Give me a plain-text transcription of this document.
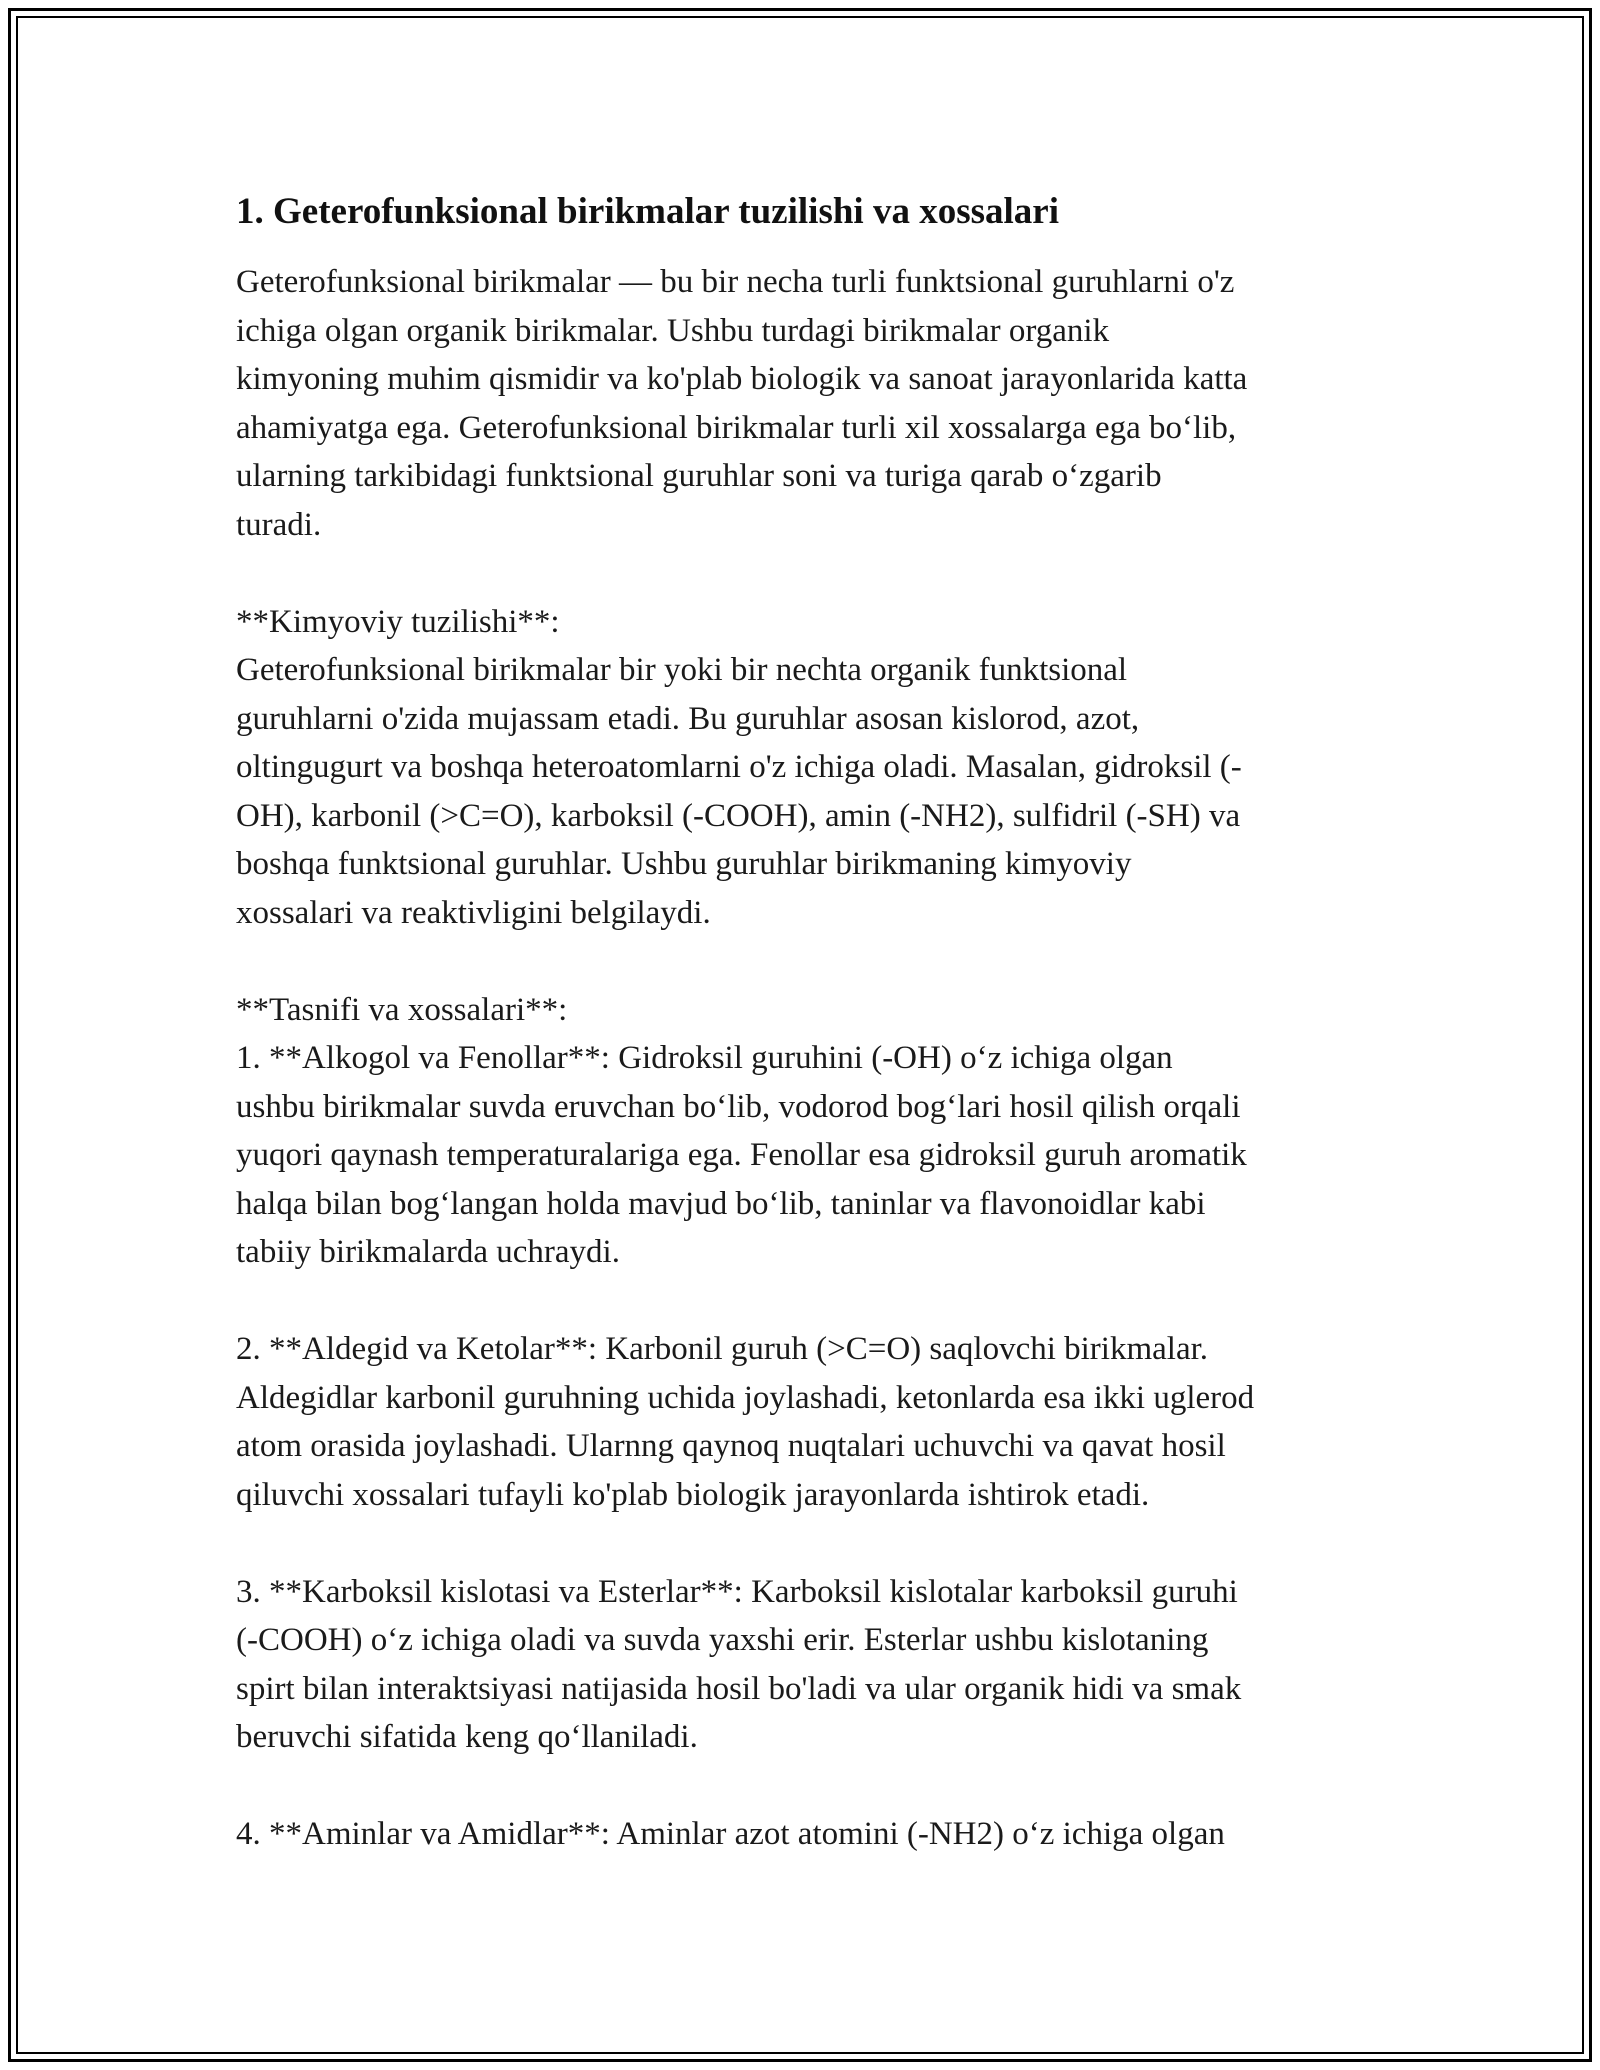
1. Geterofunksional birikmalar tuzilishi va xossalari
Geterofunksional birikmalar — bu bir necha turli funktsional guruhlarni o'z
ichiga olgan organik birikmalar. Ushbu turdagi birikmalar organik
kimyoning muhim qismidir va ko'plab biologik va sanoat jarayonlarida katta
ahamiyatga ega. Geterofunksional birikmalar turli xil xossalarga ega bo‘lib,
ularning tarkibidagi funktsional guruhlar soni va turiga qarab o‘zgarib
turadi.
**Kimyoviy tuzilishi**:
Geterofunksional birikmalar bir yoki bir nechta organik funktsional
guruhlarni o'zida mujassam etadi. Bu guruhlar asosan kislorod, azot,
oltingugurt va boshqa heteroatomlarni o'z ichiga oladi. Masalan, gidroksil (-
OH), karbonil (>C=O), karboksil (-COOH), amin (-NH2), sulfidril (-SH) va
boshqa funktsional guruhlar. Ushbu guruhlar birikmaning kimyoviy
xossalari va reaktivligini belgilaydi.
**Tasnifi va xossalari**:
1. **Alkogol va Fenollar**: Gidroksil guruhini (-OH) o‘z ichiga olgan
ushbu birikmalar suvda eruvchan bo‘lib, vodorod bog‘lari hosil qilish orqali
yuqori qaynash temperaturalariga ega. Fenollar esa gidroksil guruh aromatik
halqa bilan bog‘langan holda mavjud bo‘lib, taninlar va flavonoidlar kabi
tabiiy birikmalarda uchraydi.
2. **Aldegid va Ketolar**: Karbonil guruh (>C=O) saqlovchi birikmalar.
Aldegidlar karbonil guruhning uchida joylashadi, ketonlarda esa ikki uglerod
atom orasida joylashadi. Ularnng qaynoq nuqtalari uchuvchi va qavat hosil
qiluvchi xossalari tufayli ko'plab biologik jarayonlarda ishtirok etadi.
3. **Karboksil kislotasi va Esterlar**: Karboksil kislotalar karboksil guruhi
(-COOH) o‘z ichiga oladi va suvda yaxshi erir. Esterlar ushbu kislotaning
spirt bilan interaktsiyasi natijasida hosil bo'ladi va ular organik hidi va smak
beruvchi sifatida keng qo‘llaniladi.
4. **Aminlar va Amidlar**: Aminlar azot atomini (-NH2) o‘z ichiga olgan
